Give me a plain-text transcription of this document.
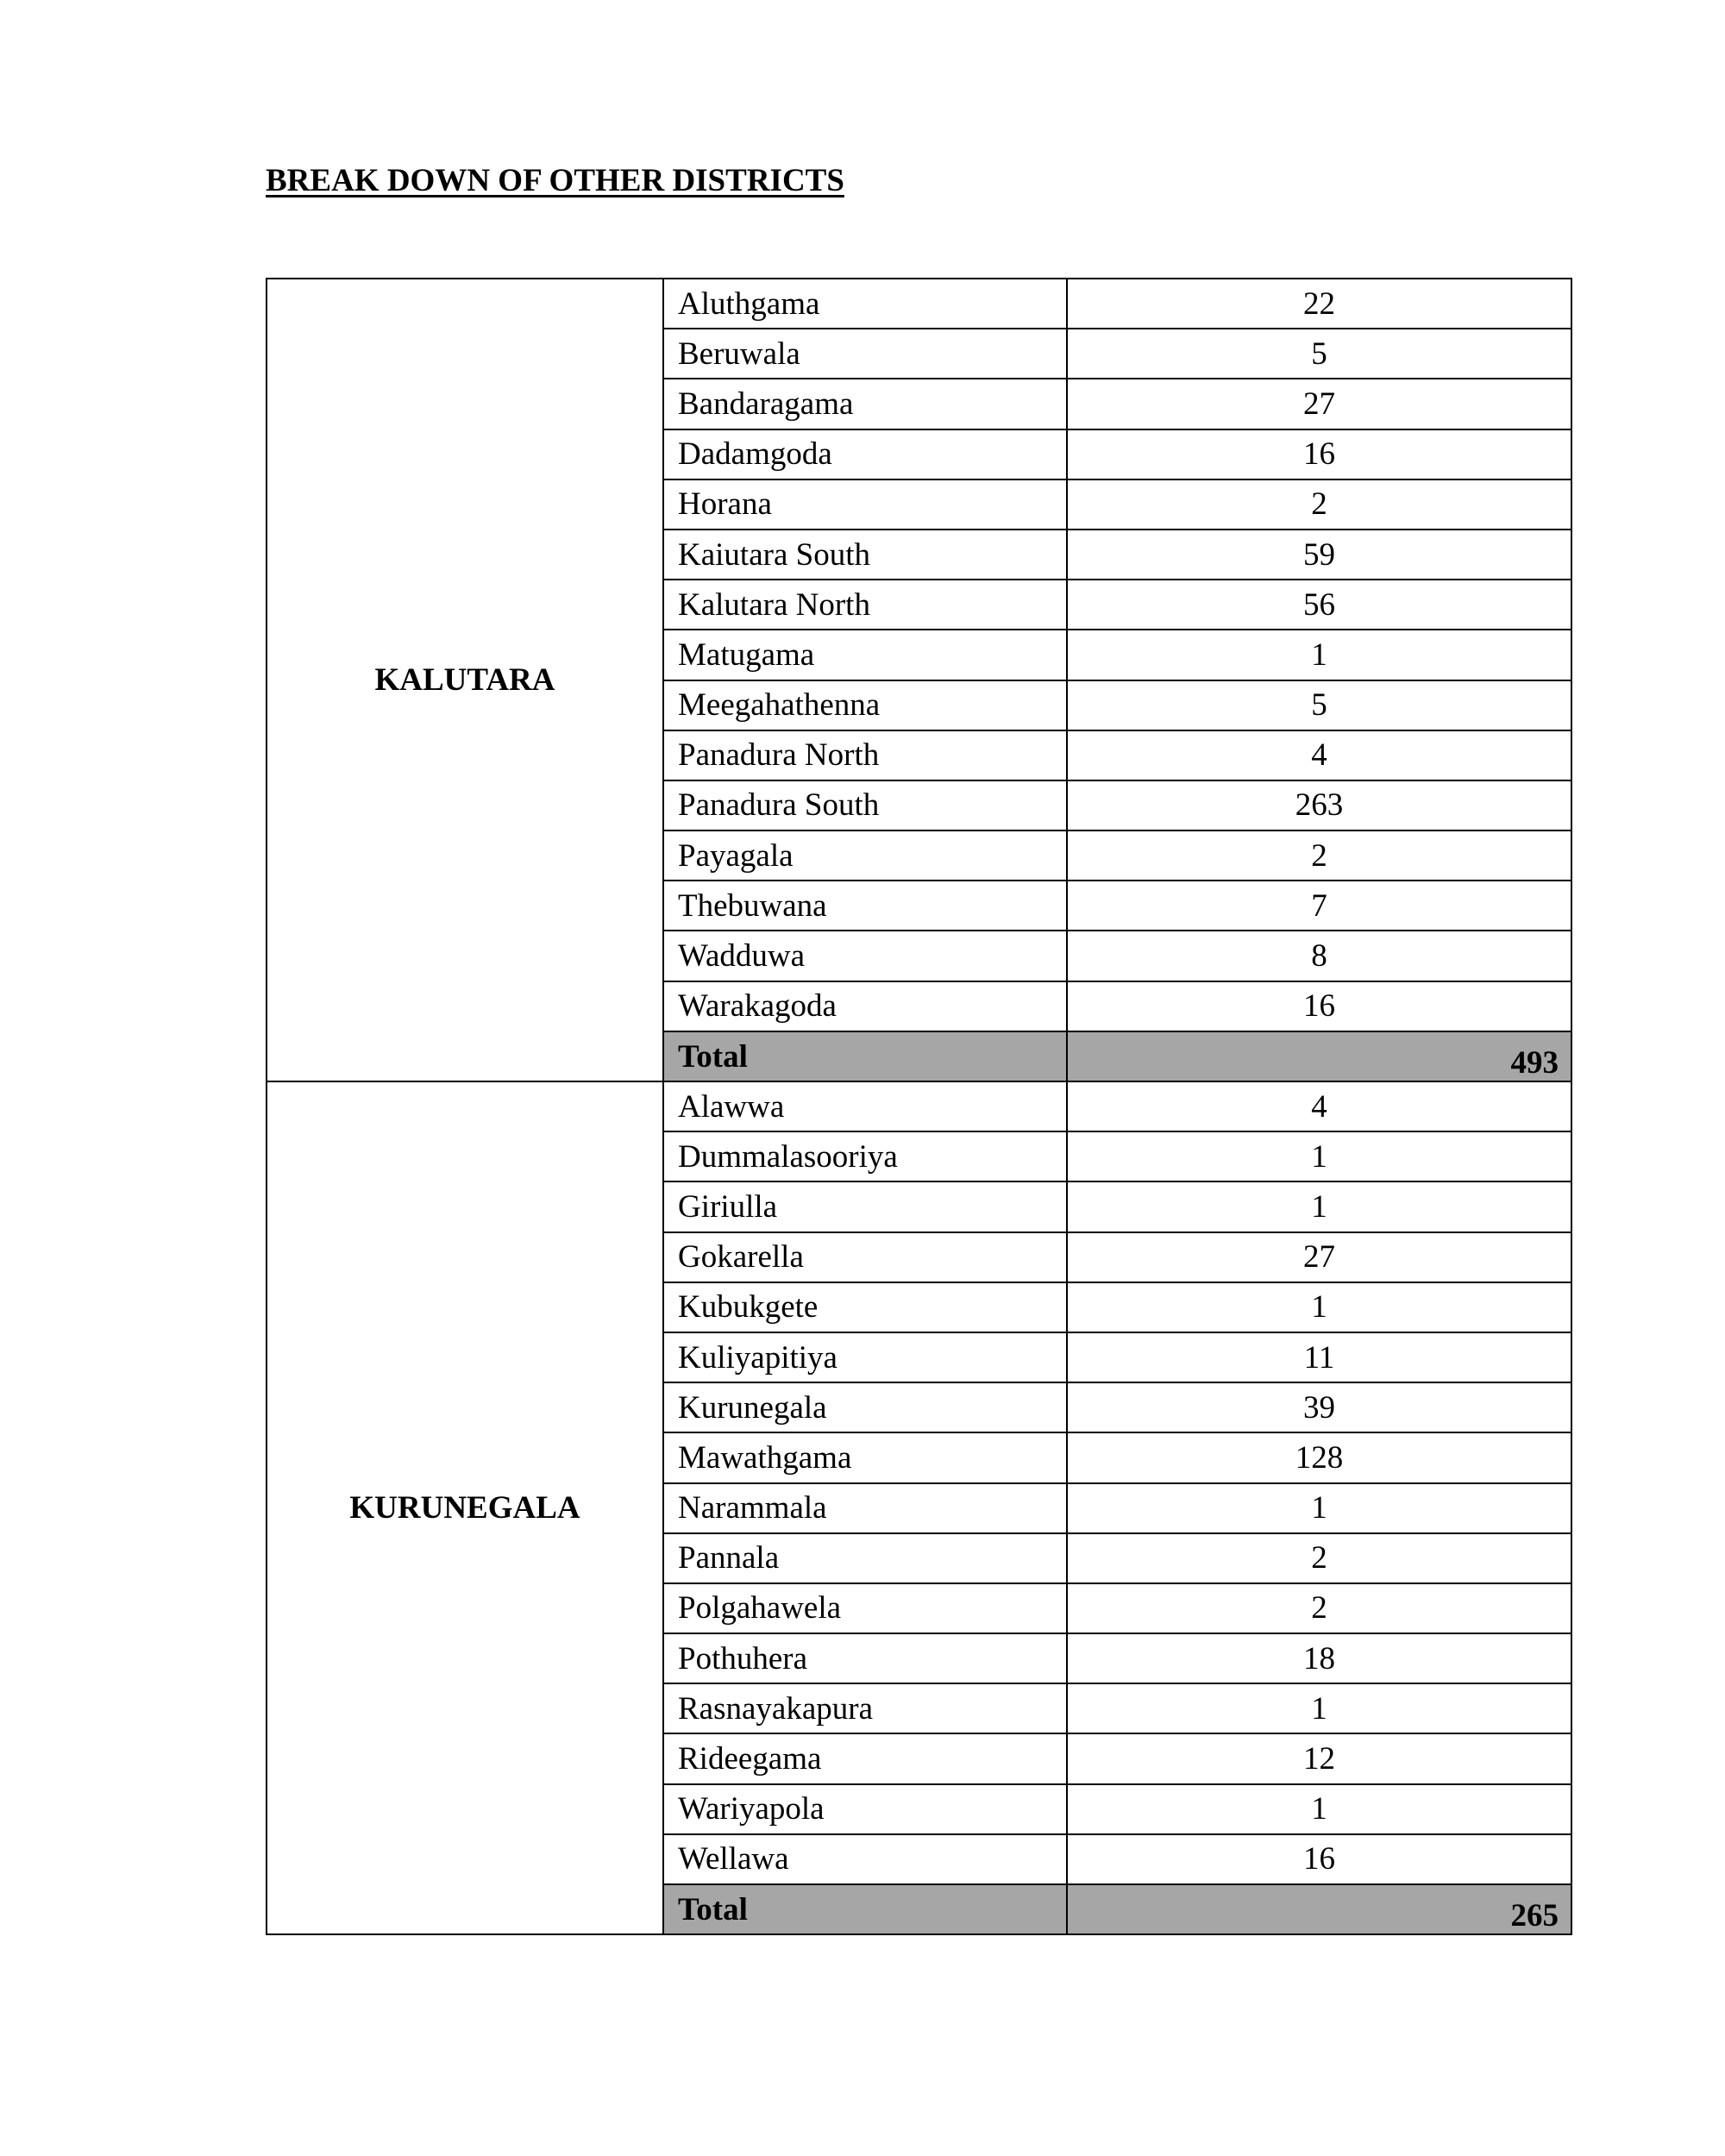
BREAK DOWN OF OTHER DISTRICTS
KALUTARA	Aluthgama	22
	Beruwala	5
	Bandaragama	27
	Dadamgoda	16
	Horana	2
	Kaiutara South	59
	Kalutara North	56
	Matugama	1
	Meegahathenna	5
	Panadura North	4
	Panadura South	263
	Payagala	2
	Thebuwana	7
	Wadduwa	8
	Warakagoda	16
	Total	493
KURUNEGALA	Alawwa	4
	Dummalasooriya	1
	Giriulla	1
	Gokarella	27
	Kubukgete	1
	Kuliyapitiya	11
	Kurunegala	39
	Mawathgama	128
	Narammala	1
	Pannala	2
	Polgahawela	2
	Pothuhera	18
	Rasnayakapura	1
	Rideegama	12
	Wariyapola	1
	Wellawa	16
	Total	265
